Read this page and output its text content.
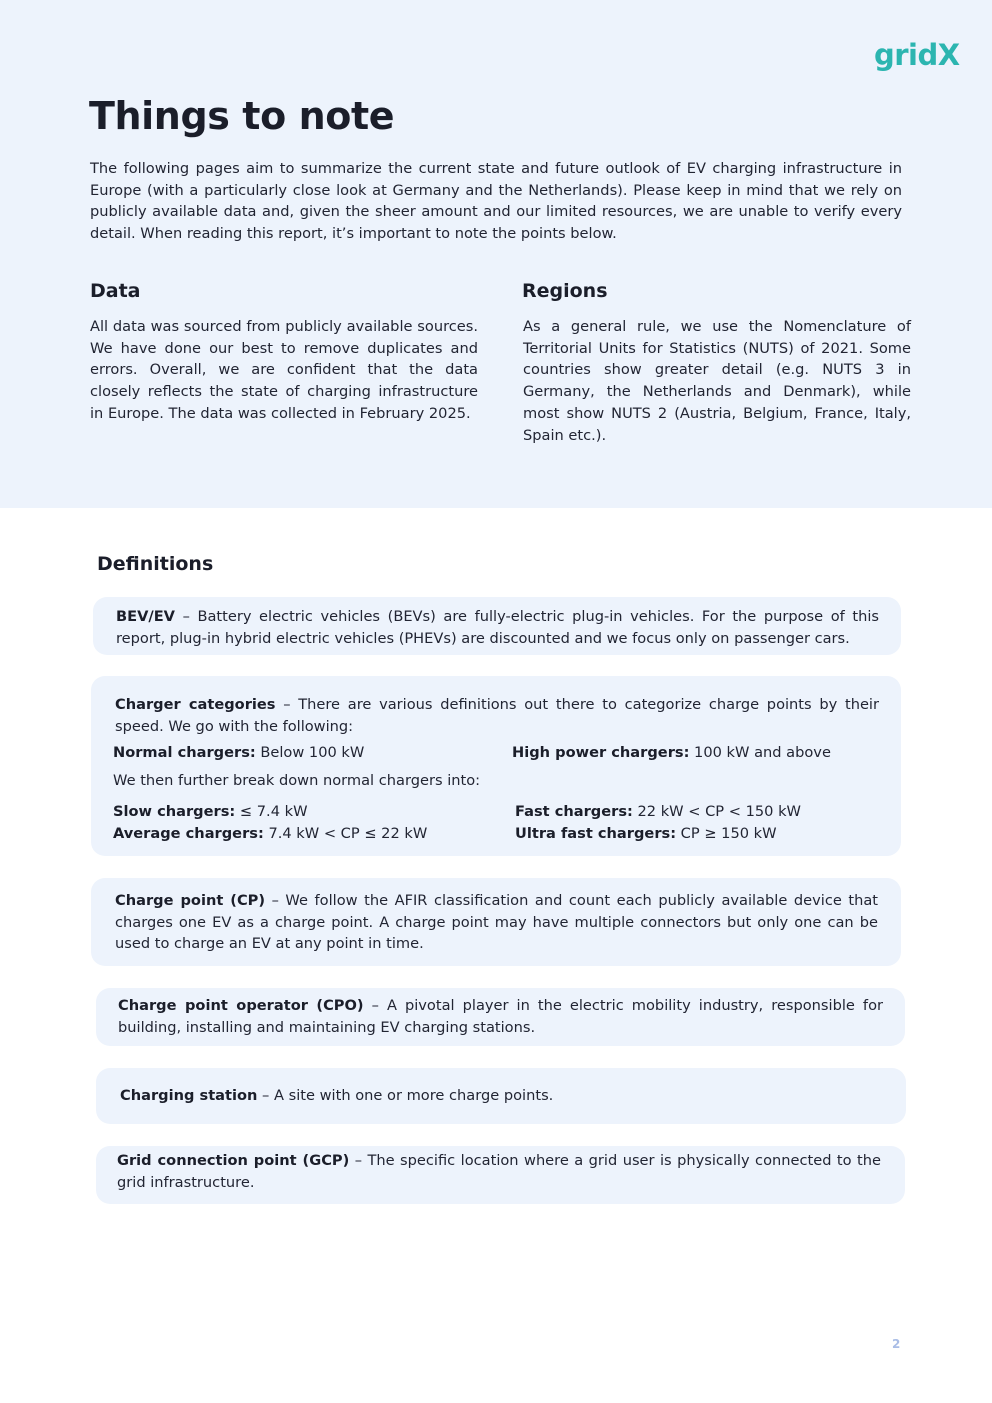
gridX
Things to note

The following pages aim to summarize the current state and future outlook of EV charging infrastructure in Europe (with a particularly close look at Germany and the Netherlands). Please keep in mind that we rely on publicly available data and, given the sheer amount and our limited resources, we are unable to verify every detail. When reading this report, it’s important to note the points below.

Data

All data was sourced from publicly available sources. We have done our best to remove duplicates and errors. Overall, we are confident that the data closely reflects the state of charging infrastructure in Europe. The data was collected in February 2025.

Regions

As a general rule, we use the Nomenclature of Territorial Units for Statistics (NUTS) of 2021. Some countries show greater detail (e.g. NUTS 3 in Germany, the Netherlands and Denmark), while most show NUTS 2 (Austria, Belgium, France, Italy, Spain etc.).

Definitions

BEV/EV – Battery electric vehicles (BEVs) are fully-electric plug-in vehicles. For the purpose of this report, plug-in hybrid electric vehicles (PHEVs) are discounted and we focus only on passenger cars.

Charger categories – There are various definitions out there to categorize charge points by their speed. We go with the following:

Normal chargers: Below 100 kW	High power chargers: 100 kW and above
We then further break down normal chargers into:
Slow chargers: ≤ 7.4 kW
Average chargers: 7.4 kW < CP ≤ 22 kW
Fast chargers: 22 kW < CP < 150 kW
Ultra fast chargers: CP ≥ 150 kW

Charge point (CP) – We follow the AFIR classification and count each publicly available device that charges one EV as a charge point. A charge point may have multiple connectors but only one can be used to charge an EV at any point in time.

Charge point operator (CPO) – A pivotal player in the electric mobility industry, responsible for building, installing and maintaining EV charging stations.

Charging station – A site with one or more charge points.

Grid connection point (GCP) – The specific location where a grid user is physically connected to the grid infrastructure.

2
